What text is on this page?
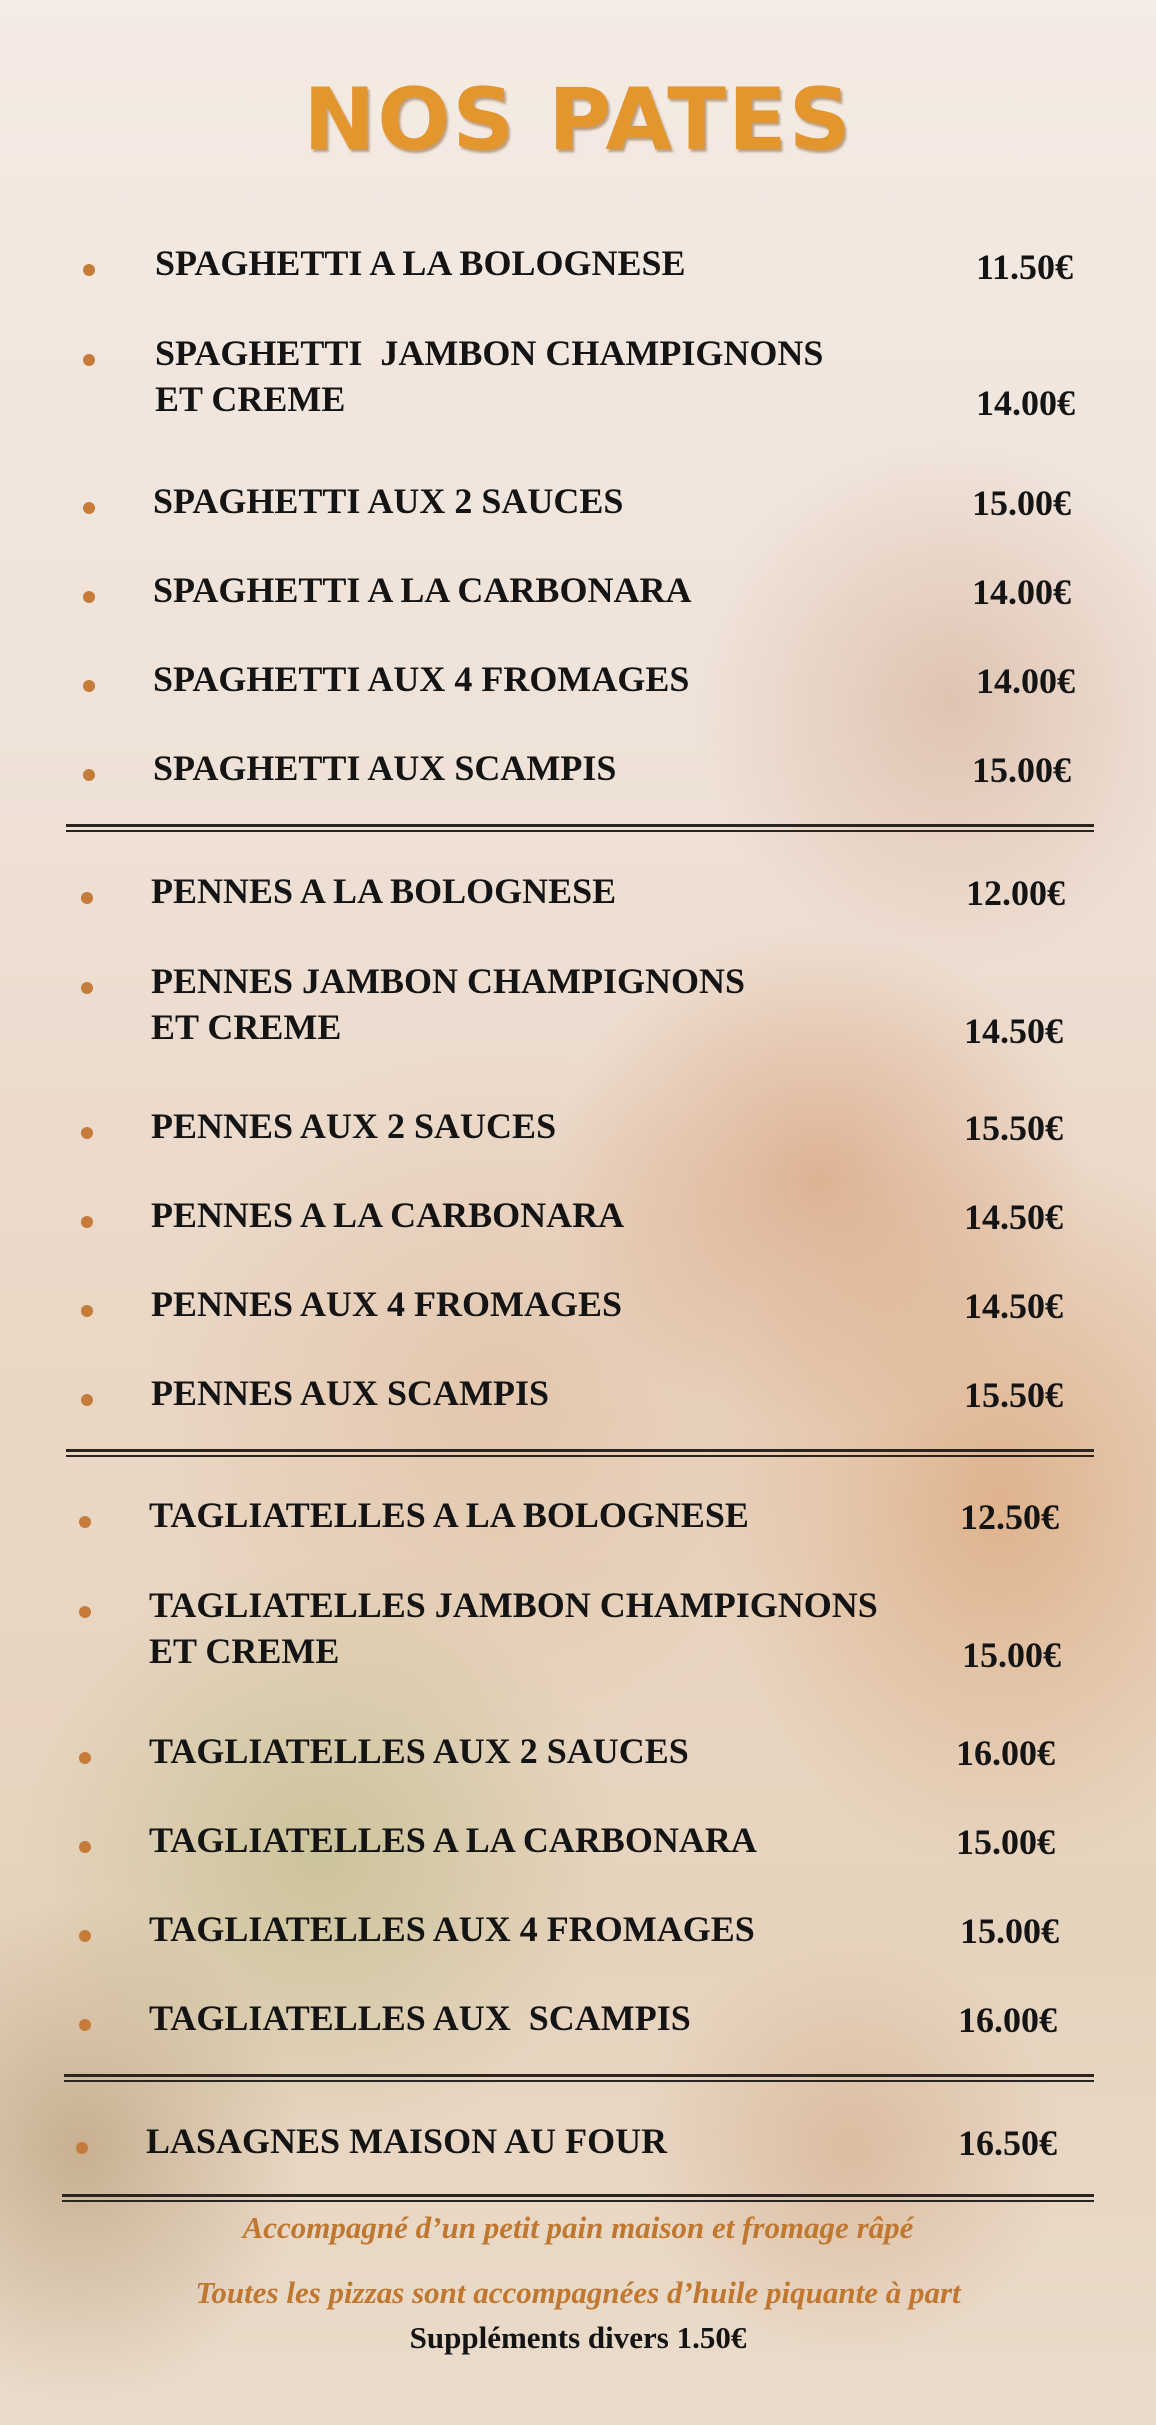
NOS PATES
SPAGHETTI A LA BOLOGNESE	11.50€
SPAGHETTI  JAMBON CHAMPIGNONS
ET CREME	14.00€
SPAGHETTI AUX 2 SAUCES	15.00€
SPAGHETTI A LA CARBONARA	14.00€
SPAGHETTI AUX 4 FROMAGES	14.00€
SPAGHETTI AUX SCAMPIS	15.00€
PENNES A LA BOLOGNESE	12.00€
PENNES JAMBON CHAMPIGNONS
ET CREME	14.50€
PENNES AUX 2 SAUCES	15.50€
PENNES A LA CARBONARA	14.50€
PENNES AUX 4 FROMAGES	14.50€
PENNES AUX SCAMPIS	15.50€
TAGLIATELLES A LA BOLOGNESE	12.50€
TAGLIATELLES JAMBON CHAMPIGNONS
ET CREME	15.00€
TAGLIATELLES AUX 2 SAUCES	16.00€
TAGLIATELLES A LA CARBONARA	15.00€
TAGLIATELLES AUX 4 FROMAGES	15.00€
TAGLIATELLES AUX  SCAMPIS	16.00€
LASAGNES MAISON AU FOUR	16.50€
Accompagné d’un petit pain maison et fromage râpé
Toutes les pizzas sont accompagnées d’huile piquante à part
Suppléments divers 1.50€
